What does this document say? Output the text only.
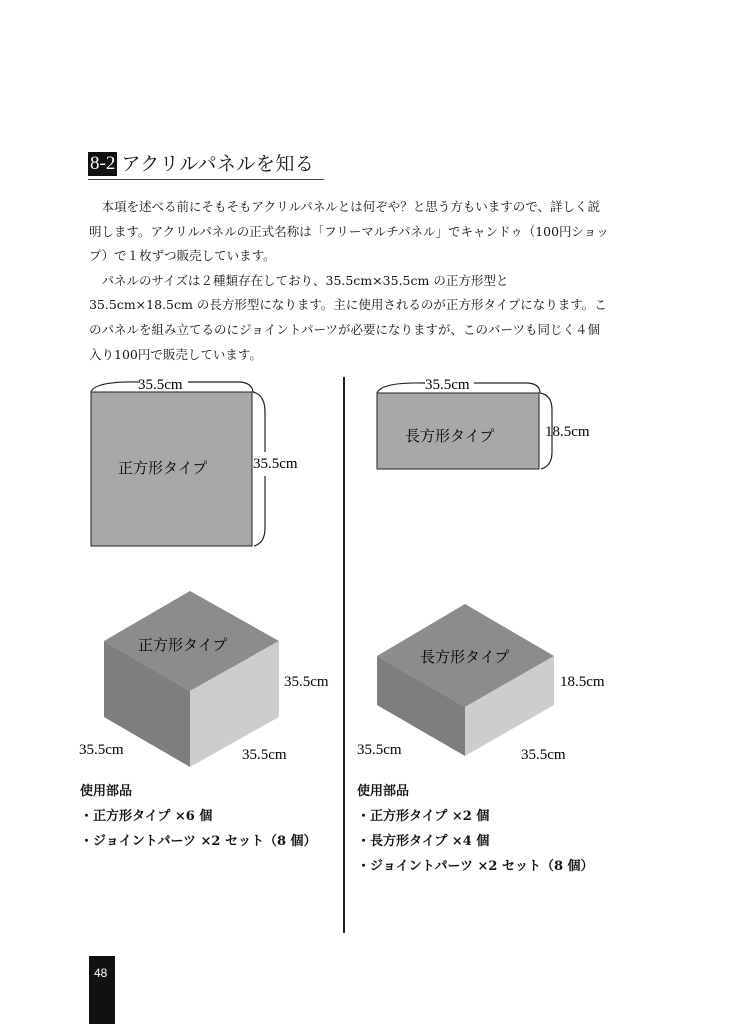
8-2 アクリルパネルを知る

本項を述べる前にそもそもアクリルパネルとは何ぞや？と思う方もいますので、詳しく説明します。アクリルパネルの正式名称は「フリーマルチパネル」でキャンドゥ（100円ショップ）で１枚ずつ販売しています。

パネルのサイズは２種類存在しており、35.5cm×35.5cm の正方形型と35.5cm×18.5cm の長方形型になります。主に使用されるのが正方形タイプになります。このパネルを組み立てるのにジョイントパーツが必要になりますが、このパーツも同じく４個入り100円で販売しています。

35.5cm
35.5cm
正方形タイプ
35.5cm
18.5cm
長方形タイプ
正方形タイプ
35.5cm
35.5cm	35.5cm
長方形タイプ
18.5cm
35.5cm	35.5cm
使用部品
・正方形タイプ ×6 個
・ジョイントパーツ ×2 セット（8 個）
使用部品
・正方形タイプ ×2 個
・長方形タイプ ×4 個
・ジョイントパーツ ×2 セット（8 個）
48
